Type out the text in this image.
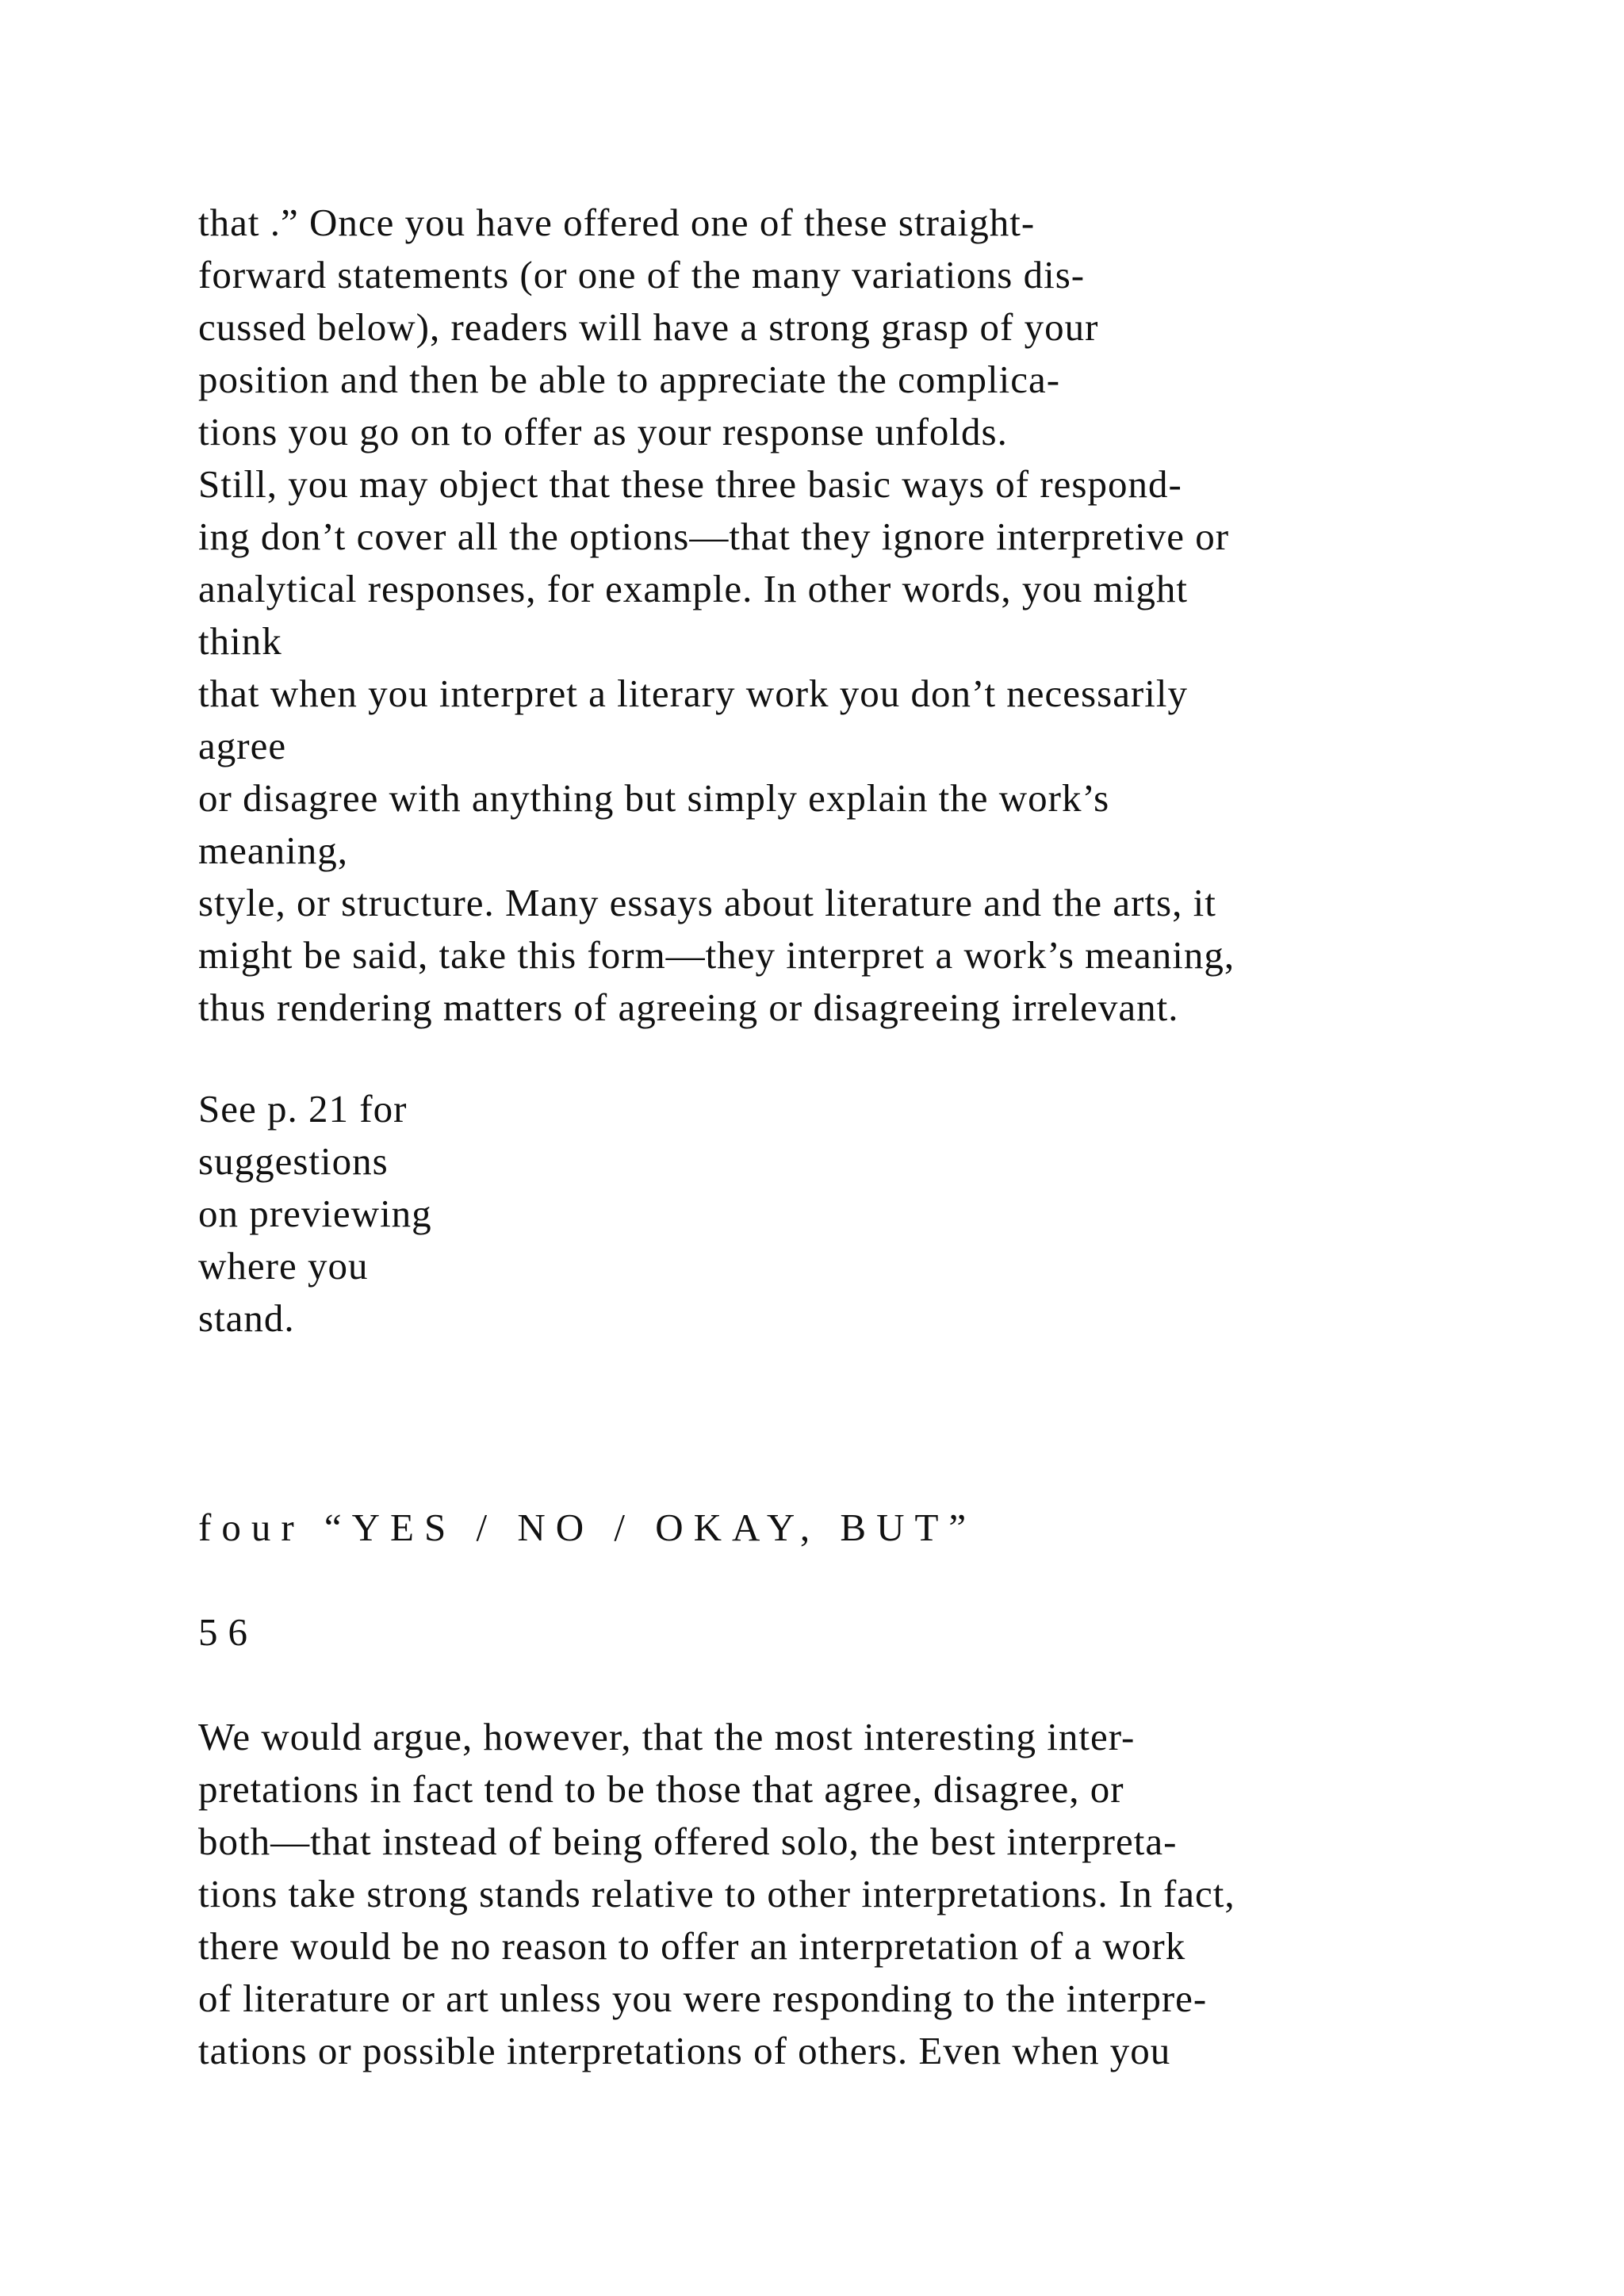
that .” Once you have offered one of these straight-
forward statements (or one of the many variations dis-
cussed below), readers will have a strong grasp of your
position and then be able to appreciate the complica-
tions you go on to offer as your response unfolds.
Still, you may object that these three basic ways of respond-
ing don’t cover all the options—that they ignore interpretive or
analytical responses, for example. In other words, you might
think
that when you interpret a literary work you don’t necessarily
agree
or disagree with anything but simply explain the work’s
meaning,
style, or structure. Many essays about literature and the arts, it
might be said, take this form—they interpret a work’s meaning,
thus rendering matters of agreeing or disagreeing irrelevant.
See p. 21 for
suggestions
on previewing
where you
stand.
four “YES / NO / OKAY, BUT”
56
We would argue, however, that the most interesting inter-
pretations in fact tend to be those that agree, disagree, or
both—that instead of being offered solo, the best interpreta-
tions take strong stands relative to other interpretations. In fact,
there would be no reason to offer an interpretation of a work
of literature or art unless you were responding to the interpre-
tations or possible interpretations of others. Even when you
